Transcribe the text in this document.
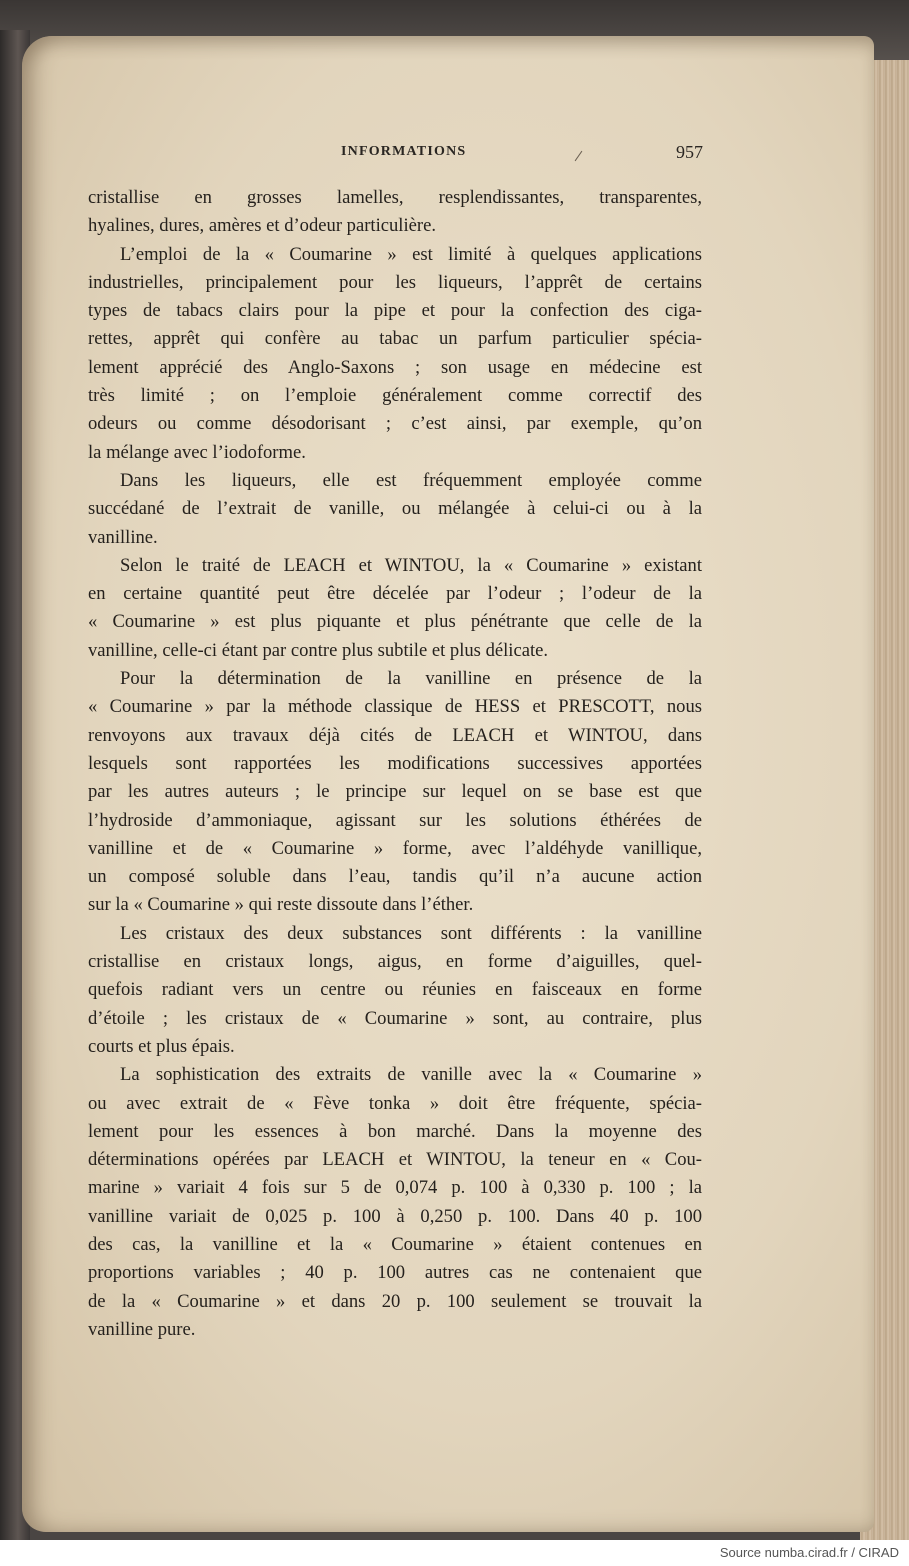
INFORMATIONS	957
cristallise en grosses lamelles, resplendissantes, transparentes,
hyalines, dures, amères et d’odeur particulière.
L’emploi de la « Coumarine » est limité à quelques applications
industrielles, principalement pour les liqueurs, l’apprêt de certains
types de tabacs clairs pour la pipe et pour la confection des ciga-
rettes, apprêt qui confère au tabac un parfum particulier spécia-
lement apprécié des Anglo-Saxons ; son usage en médecine est
très limité ; on l’emploie généralement comme correctif des
odeurs ou comme désodorisant ; c’est ainsi, par exemple, qu’on
la mélange avec l’iodoforme.
Dans les liqueurs, elle est fréquemment employée comme
succédané de l’extrait de vanille, ou mélangée à celui-ci ou à la
vanilline.
Selon le traité de LEACH et WINTOU, la « Coumarine » existant
en certaine quantité peut être décelée par l’odeur ; l’odeur de la
« Coumarine » est plus piquante et plus pénétrante que celle de la
vanilline, celle-ci étant par contre plus subtile et plus délicate.
Pour la détermination de la vanilline en présence de la
« Coumarine » par la méthode classique de HESS et PRESCOTT, nous
renvoyons aux travaux déjà cités de LEACH et WINTOU, dans
lesquels sont rapportées les modifications successives apportées
par les autres auteurs ; le principe sur lequel on se base est que
l’hydroside d’ammoniaque, agissant sur les solutions éthérées de
vanilline et de « Coumarine » forme, avec l’aldéhyde vanillique,
un composé soluble dans l’eau, tandis qu’il n’a aucune action
sur la « Coumarine » qui reste dissoute dans l’éther.
Les cristaux des deux substances sont différents : la vanilline
cristallise en cristaux longs, aigus, en forme d’aiguilles, quel-
quefois radiant vers un centre ou réunies en faisceaux en forme
d’étoile ; les cristaux de « Coumarine » sont, au contraire, plus
courts et plus épais.
La sophistication des extraits de vanille avec la « Coumarine »
ou avec extrait de « Fève tonka » doit être fréquente, spécia-
lement pour les essences à bon marché. Dans la moyenne des
déterminations opérées par LEACH et WINTOU, la teneur en « Cou-
marine » variait 4 fois sur 5 de 0,074 p. 100 à 0,330 p. 100 ; la
vanilline variait de 0,025 p. 100 à 0,250 p. 100. Dans 40 p. 100
des cas, la vanilline et la « Coumarine » étaient contenues en
proportions variables ; 40 p. 100 autres cas ne contenaient que
de la « Coumarine » et dans 20 p. 100 seulement se trouvait la
vanilline pure.
Source numba.cirad.fr / CIRAD
